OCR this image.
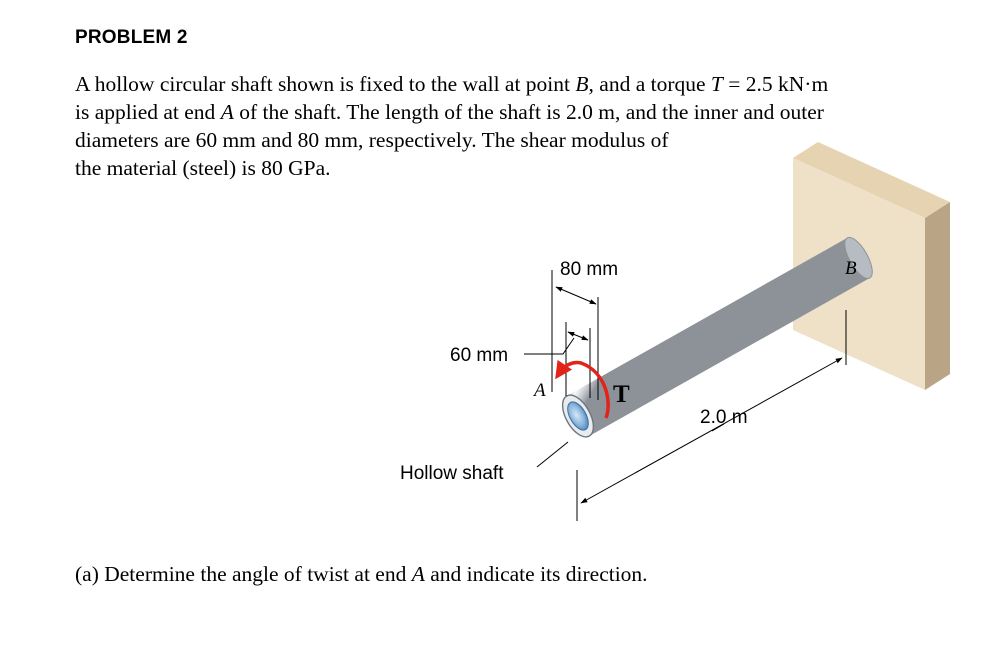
PROBLEM 2

A hollow circular shaft shown is fixed to the wall at point B, and a torque T = 2.5 kN·m
is applied at end A of the shaft. The length of the shaft is 2.0 m, and the inner and outer
diameters are 60 mm and 80 mm, respectively. The shear modulus of
the material (steel) is 80 GPa.

80 mm
60 mm
2.0 m
Hollow shaft
A
B
T

(a) Determine the angle of twist at end A and indicate its direction.
